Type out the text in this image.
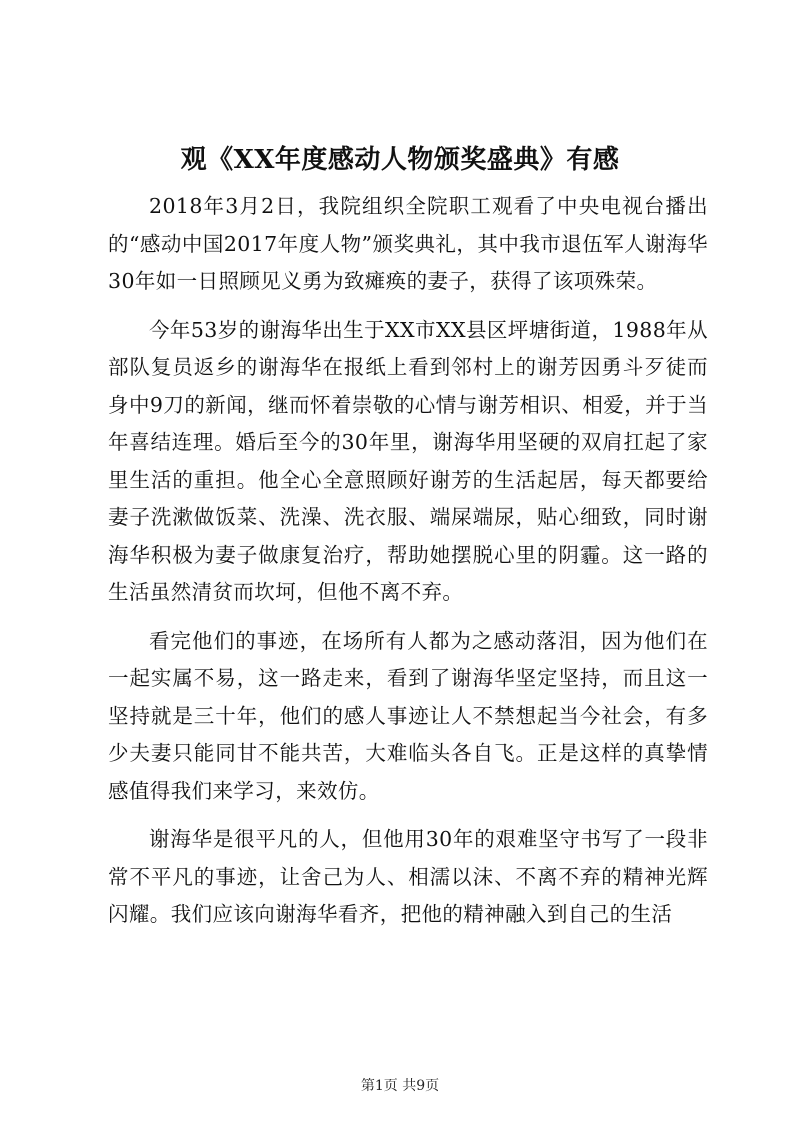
观《XX年度感动人物颁奖盛典》有感

2018年3月2日，我院组织全院职工观看了中央电视台播出的“感动中国2017年度人物”颁奖典礼，其中我市退伍军人谢海华30年如一日照顾见义勇为致瘫痪的妻子，获得了该项殊荣。

今年53岁的谢海华出生于XX市XX县区坪塘街道，1988年从部队复员返乡的谢海华在报纸上看到邻村上的谢芳因勇斗歹徒而身中9刀的新闻，继而怀着崇敬的心情与谢芳相识、相爱，并于当年喜结连理。婚后至今的30年里，谢海华用坚硬的双肩扛起了家里生活的重担。他全心全意照顾好谢芳的生活起居，每天都要给妻子洗漱做饭菜、洗澡、洗衣服、端屎端尿，贴心细致，同时谢海华积极为妻子做康复治疗，帮助她摆脱心里的阴霾。这一路的生活虽然清贫而坎坷，但他不离不弃。

看完他们的事迹，在场所有人都为之感动落泪，因为他们在一起实属不易，这一路走来，看到了谢海华坚定坚持，而且这一坚持就是三十年，他们的感人事迹让人不禁想起当今社会，有多少夫妻只能同甘不能共苦，大难临头各自飞。正是这样的真挚情感值得我们来学习，来效仿。

谢海华是很平凡的人，但他用30年的艰难坚守书写了一段非常不平凡的事迹，让舍己为人、相濡以沫、不离不弃的精神光辉闪耀。我们应该向谢海华看齐，把他的精神融入到自己的生活

第1页 共9页
